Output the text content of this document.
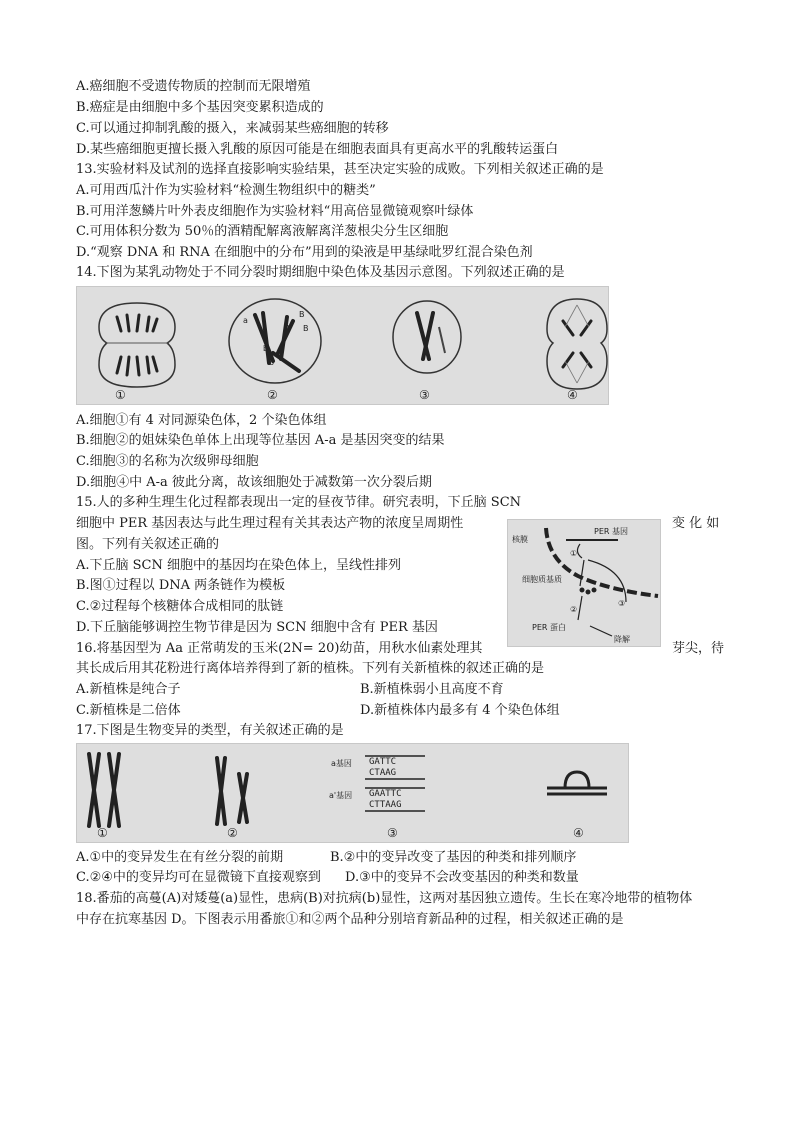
A.癌细胞不受遗传物质的控制而无限增殖
B.癌症是由细胞中多个基因突变累积造成的
C.可以通过抑制乳酸的摄入，来减弱某些癌细胞的转移
D.某些癌细胞更擅长摄入乳酸的原因可能是在细胞表面具有更高水平的乳酸转运蛋白
13.实验材料及试剂的选择直接影响实验结果，甚至决定实验的成败。下列相关叙述正确的是
A.可用西瓜汁作为实验材料“检测生物组织中的糖类”
B.可用洋葱鳞片叶外表皮细胞作为实验材料“用高倍显微镜观察叶绿体
C.可用体积分数为 50％的酒精配解离液解离洋葱根尖分生区细胞
D.“观察 DNA 和 RNA 在细胞中的分布”用到的染液是甲基绿吡罗红混合染色剂
14.下图为某乳动物处于不同分裂时期细胞中染色体及基因示意图。下列叙述正确的是
a
B
A B
b
b
①	②	③	④
A.细胞①有 4 对同源染色体，2 个染色体组
B.细胞②的姐妹染色单体上出现等位基因 A-a 是基因突变的结果
C.细胞③的名称为次级卵母细胞
D.细胞④中 A-a 彼此分离，故该细胞处于减数第一次分裂后期
15.人的多种生理生化过程都表现出一定的昼夜节律。研究表明，下丘脑 SCN
细胞中 PER 基因表达与此生理过程有关其表达产物的浓度呈周期性	变 化 如
图。下列有关叙述正确的
A.下丘脑 SCN 细胞中的基因均在染色体上，呈线性排列
B.图①过程以 DNA 两条链作为模板
C.②过程每个核糖体合成相同的肽链
D.下丘脑能够调控生物节律是因为 SCN 细胞中含有 PER 基因
PER 基因
核膜
①
细胞质基质
②
③
PER 蛋白
降解
16.将基因型为 Aa 正常萌发的玉米(2N= 20)幼苗，用秋水仙素处理其	芽尖，待
其长成后用其花粉进行离体培养得到了新的植株。下列有关新植株的叙述正确的是
A.新植株是纯合子	B.新植株弱小且高度不育
C.新植株是二倍体	D.新植株体内最多有 4 个染色体组
17.下图是生物变异的类型，有关叙述正确的是
a基因 GATTC
CTAAG
a'基因 GAATTC
CTTAAG
①	②	③	④
A.①中的变异发生在有丝分裂的前期	B.②中的变异改变了基因的种类和排列顺序
C.②④中的变异均可在显微镜下直接观察到 D.③中的变异不会改变基因的种类和数量
18.番茄的高蔓(A)对矮蔓(a)显性，患病(B)对抗病(b)显性，这两对基因独立遗传。生长在寒冷地带的植物体
中存在抗寒基因 D。下图表示用番旅①和②两个品种分别培育新品种的过程，相关叙述正确的是
